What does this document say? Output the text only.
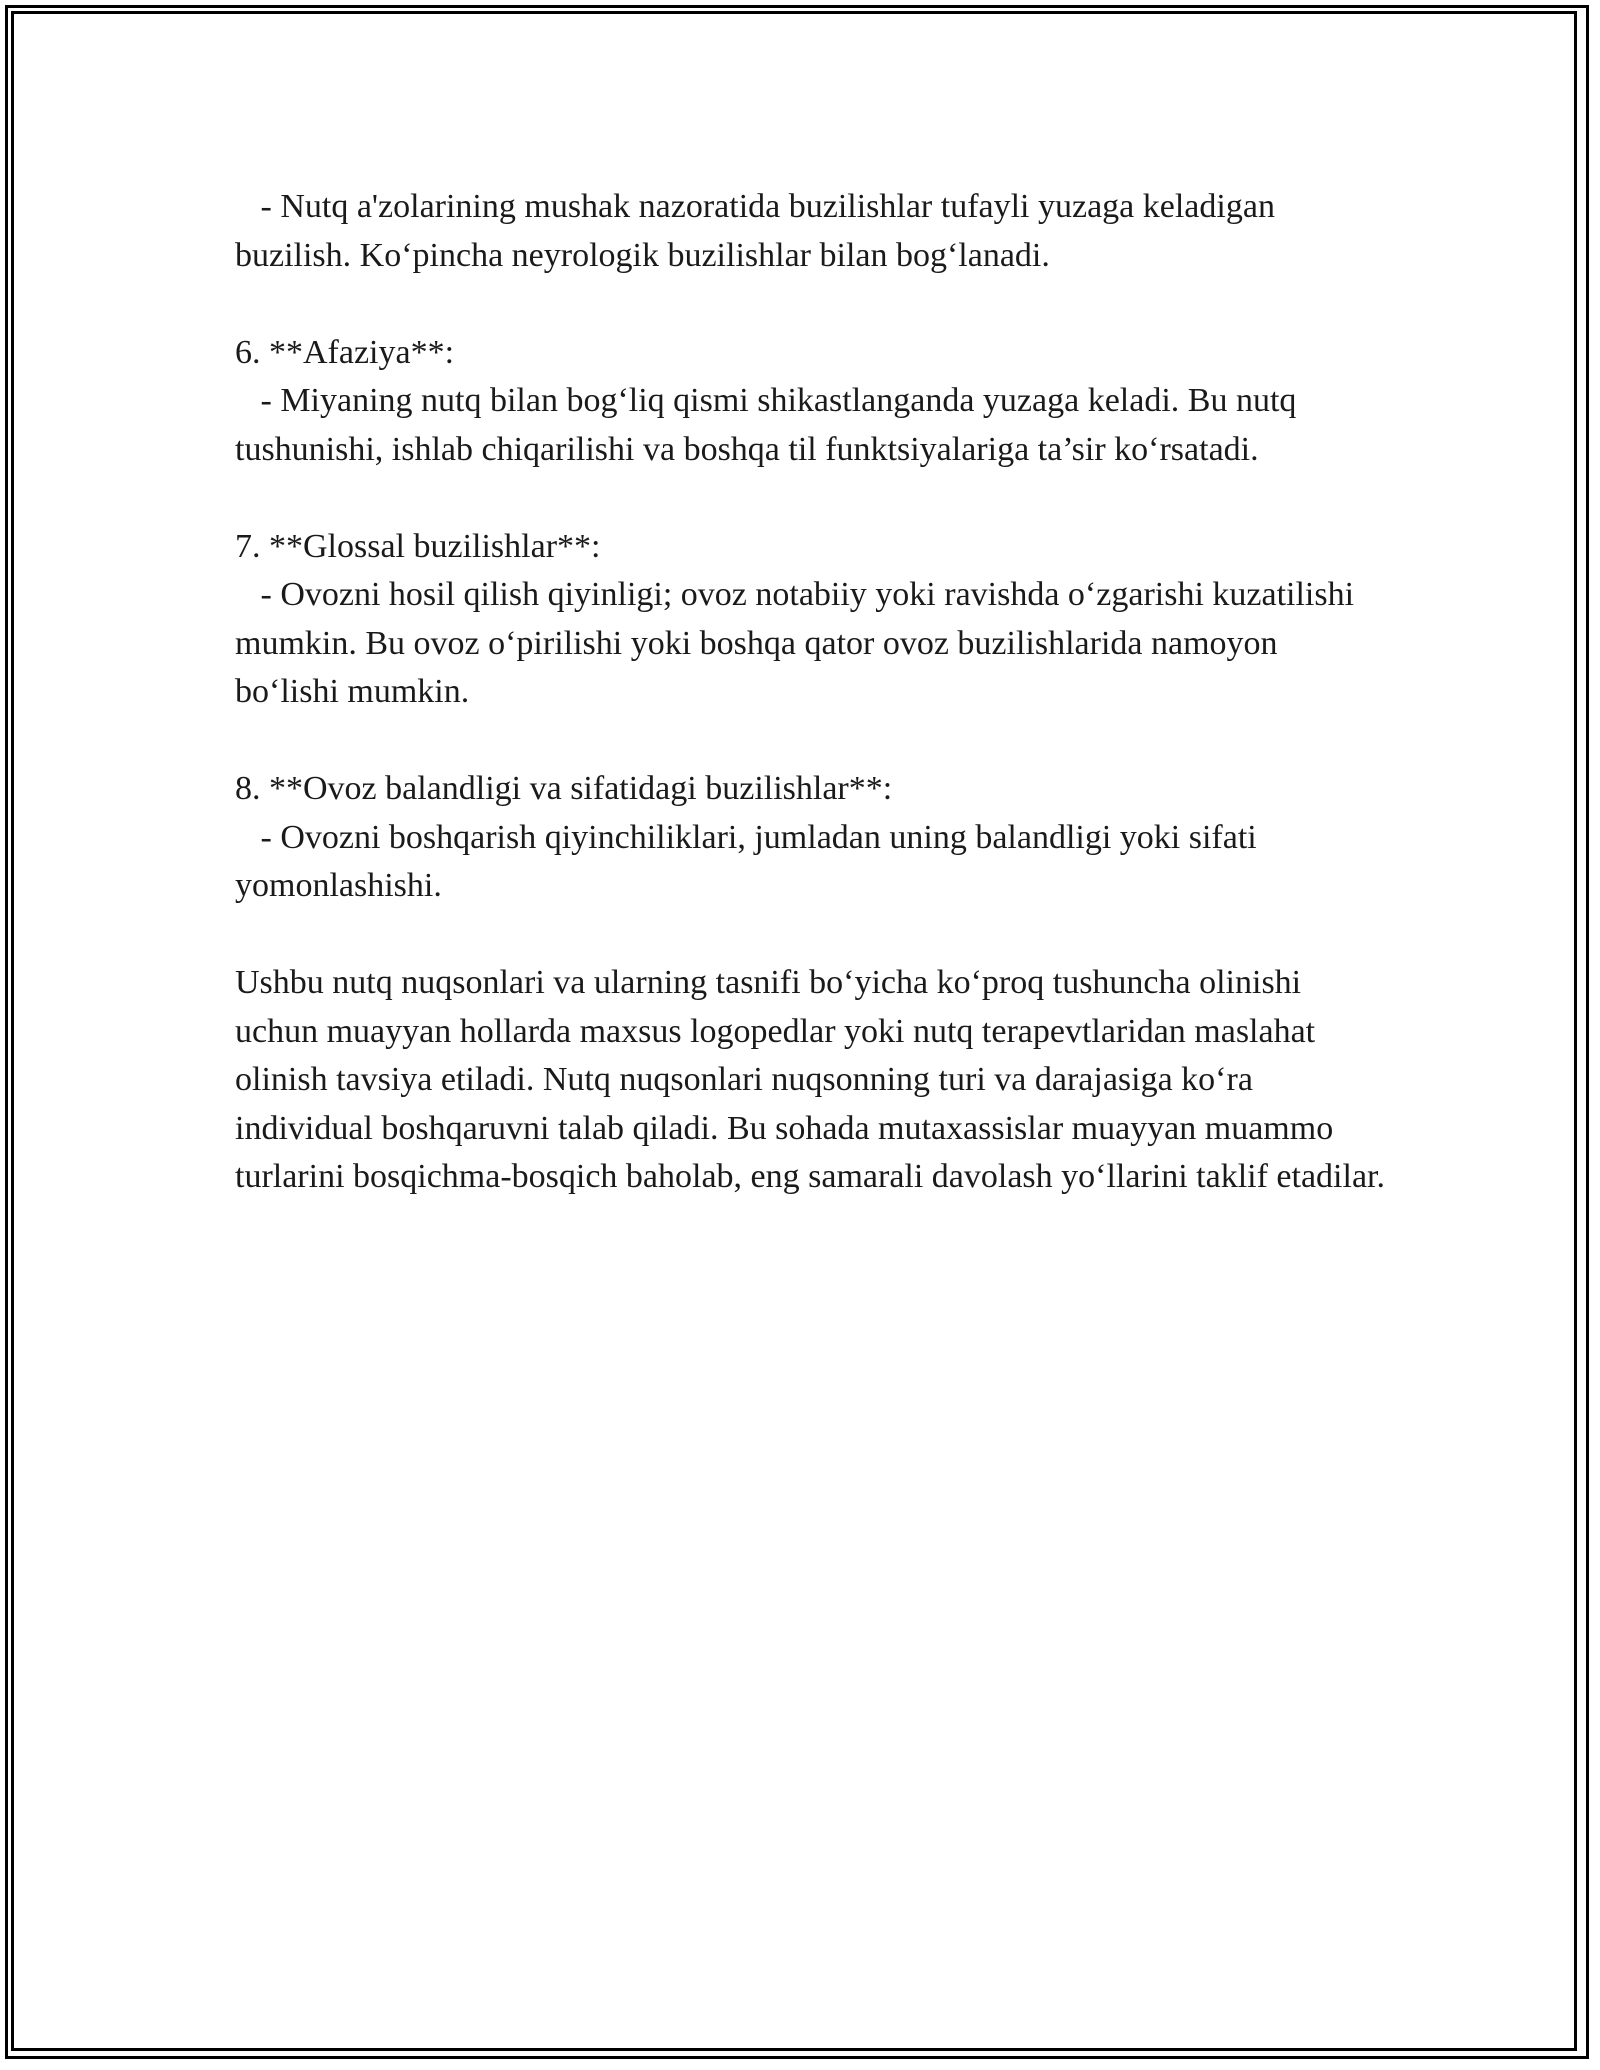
- Nutq a'zolarining mushak nazoratida buzilishlar tufayli yuzaga keladigan buzilish. Ko‘pincha neyrologik buzilishlar bilan bog‘lanadi.

6. **Afaziya**:

- Miyaning nutq bilan bog‘liq qismi shikastlanganda yuzaga keladi. Bu nutq tushunishi, ishlab chiqarilishi va boshqa til funktsiyalariga ta’sir ko‘rsatadi.

7. **Glossal buzilishlar**:

- Ovozni hosil qilish qiyinligi; ovoz notabiiy yoki ravishda o‘zgarishi kuzatilishi mumkin. Bu ovoz o‘pirilishi yoki boshqa qator ovoz buzilishlarida namoyon bo‘lishi mumkin.

8. **Ovoz balandligi va sifatidagi buzilishlar**:

- Ovozni boshqarish qiyinchiliklari, jumladan uning balandligi yoki sifati yomonlashishi.

Ushbu nutq nuqsonlari va ularning tasnifi bo‘yicha ko‘proq tushuncha olinishi uchun muayyan hollarda maxsus logopedlar yoki nutq terapevtlaridan maslahat olinish tavsiya etiladi. Nutq nuqsonlari nuqsonning turi va darajasiga ko‘ra individual boshqaruvni talab qiladi. Bu sohada mutaxassislar muayyan muammo turlarini bosqichma-bosqich baholab, eng samarali davolash yo‘llarini taklif etadilar.
